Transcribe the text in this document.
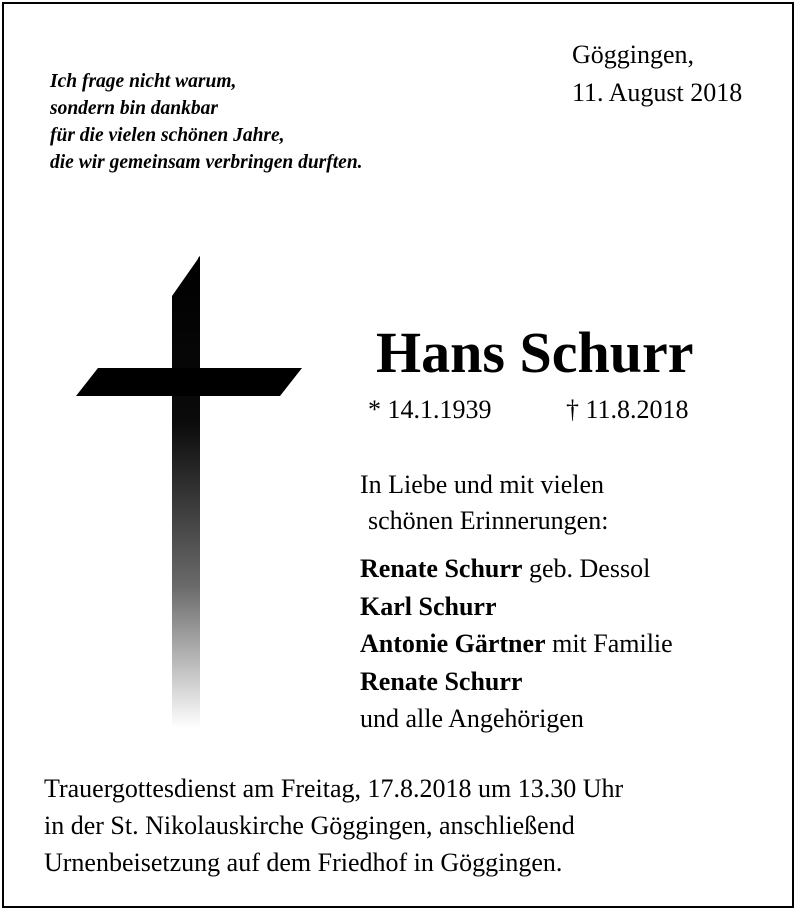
Ich frage nicht warum,
sondern bin dankbar
für die vielen schönen Jahre,
die wir gemeinsam verbringen durften.
Göggingen,
11. August 2018
Hans Schurr
* 14.1.1939	† 11.8.2018
In Liebe und mit vielen
schönen Erinnerungen:
Renate Schurr geb. Dessol
Karl Schurr
Antonie Gärtner mit Familie
Renate Schurr
und alle Angehörigen
Trauergottesdienst am Freitag, 17.8.2018 um 13.30 Uhr
in der St. Nikolauskirche Göggingen, anschließend
Urnenbeisetzung auf dem Friedhof in Göggingen.
